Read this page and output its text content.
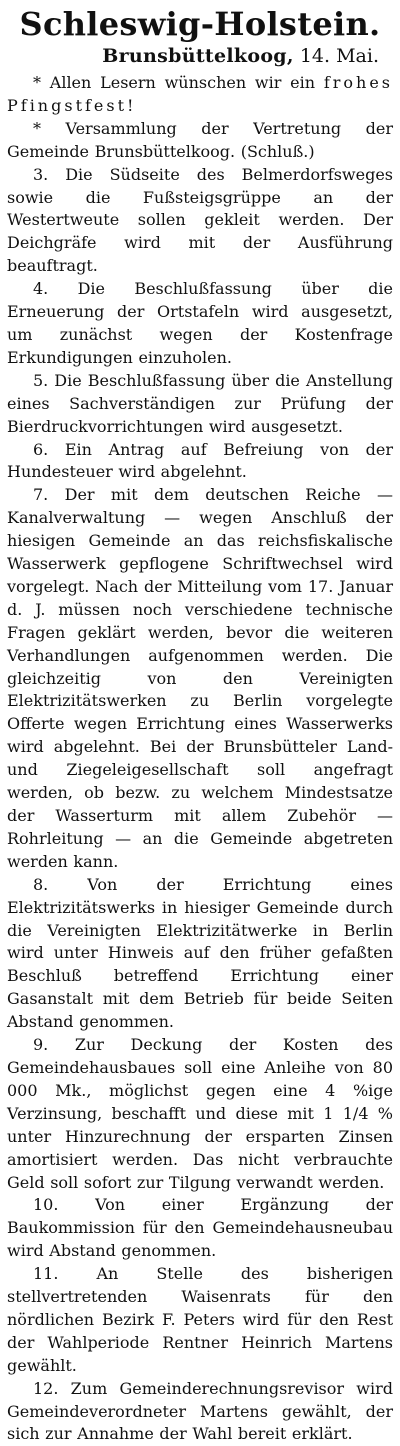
Schleswig-Holstein.

Brunsbüttelkoog, 14. Mai.

* Allen Lesern wünschen wir ein frohes Pfingstfest!

* Versammlung der Vertretung der Gemeinde Brunsbüttelkoog. (Schluß.)

3. Die Südseite des Belmerdorfsweges sowie die Fußsteigsgrüppe an der Westertweute sollen gekleit werden. Der Deichgräfe wird mit der Ausführung beauftragt.

4. Die Beschlußfassung über die Erneuerung der Ortstafeln wird ausgesetzt, um zunächst wegen der Kostenfrage Erkundigungen einzuholen.

5. Die Beschlußfassung über die Anstellung eines Sachverständigen zur Prüfung der Bierdruckvorrichtungen wird ausgesetzt.

6. Ein Antrag auf Befreiung von der Hundesteuer wird abgelehnt.

7. Der mit dem deutschen Reiche — Kanalverwaltung — wegen Anschluß der hiesigen Gemeinde an das reichsfiskalische Wasserwerk gepflogene Schriftwechsel wird vorgelegt. Nach der Mitteilung vom 17. Januar d. J. müssen noch verschiedene technische Fragen geklärt werden, bevor die weiteren Verhandlungen aufgenommen werden. Die gleichzeitig von den Vereinigten Elektrizitätswerken zu Berlin vorgelegte Offerte wegen Errichtung eines Wasserwerks wird abgelehnt. Bei der Brunsbütteler Land- und Ziegeleigesellschaft soll angefragt werden, ob bezw. zu welchem Mindestsatze der Wasserturm mit allem Zubehör — Rohrleitung — an die Gemeinde abgetreten werden kann.

8. Von der Errichtung eines Elektrizitätswerks in hiesiger Gemeinde durch die Vereinigten Elektrizitätwerke in Berlin wird unter Hinweis auf den früher gefaßten Beschluß betreffend Errichtung einer Gasanstalt mit dem Betrieb für beide Seiten Abstand genommen.

9. Zur Deckung der Kosten des Gemeindehausbaues soll eine Anleihe von 80 000 Mk., möglichst gegen eine 4 %ige Verzinsung, beschafft und diese mit 1 1/4 % unter Hinzurechnung der ersparten Zinsen amortisiert werden. Das nicht verbrauchte Geld soll sofort zur Tilgung verwandt werden.

10. Von einer Ergänzung der Baukommission für den Gemeindehausneubau wird Abstand genommen.

11. An Stelle des bisherigen stellvertretenden Waisenrats für den nördlichen Bezirk F. Peters wird für den Rest der Wahlperiode Rentner Heinrich Martens gewählt.

12. Zum Gemeinderechnungsrevisor wird Gemeindeverordneter Martens gewählt, der sich zur Annahme der Wahl bereit erklärt.
